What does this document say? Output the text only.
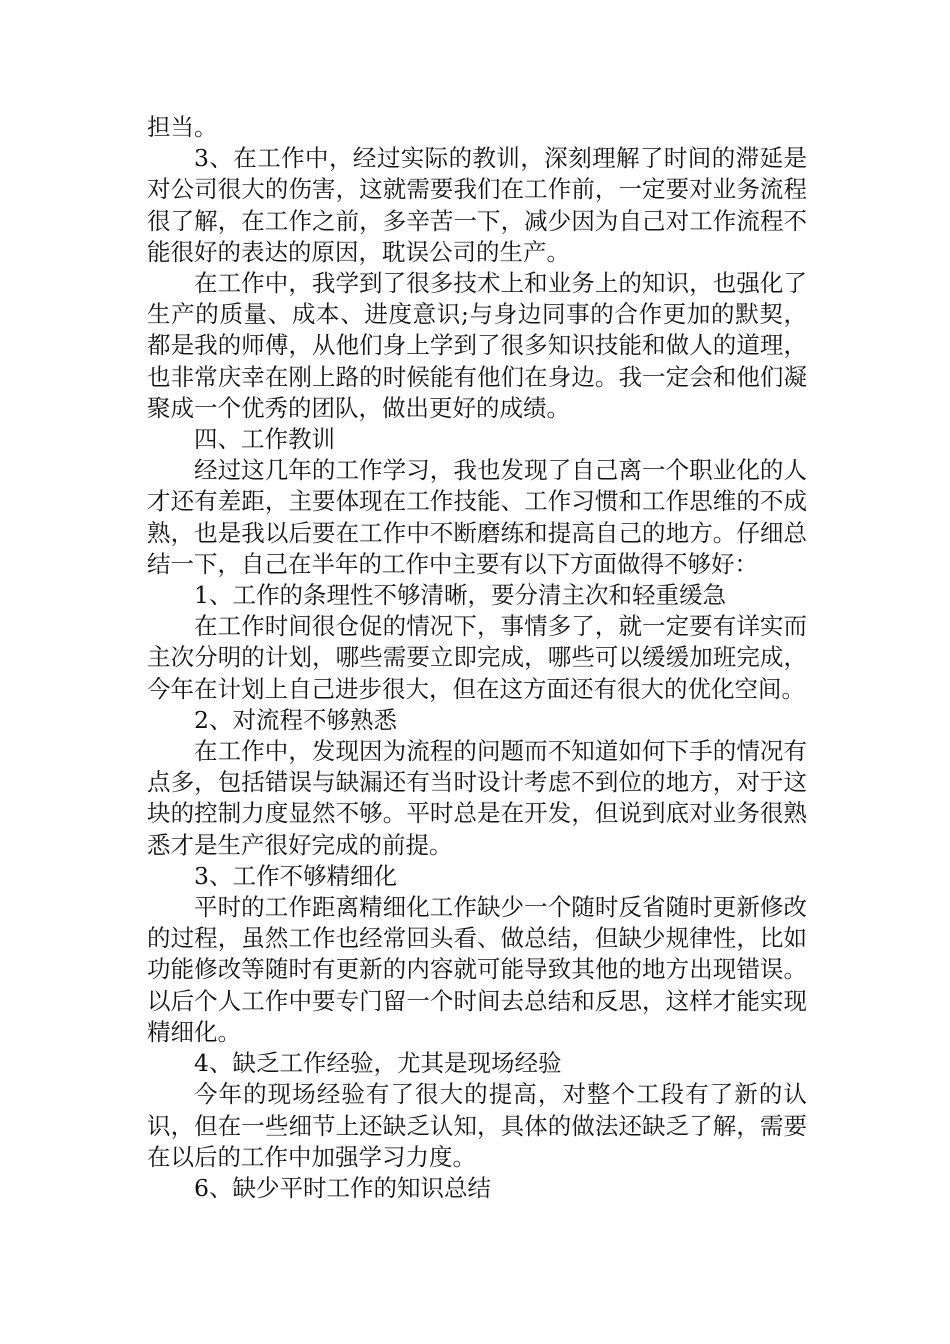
担当。

3、在工作中，经过实际的教训，深刻理解了时间的滞延是对公司很大的伤害，这就需要我们在工作前，一定要对业务流程很了解，在工作之前，多辛苦一下，减少因为自己对工作流程不能很好的表达的原因，耽误公司的生产。

在工作中，我学到了很多技术上和业务上的知识，也强化了生产的质量、成本、进度意识;与身边同事的合作更加的默契，都是我的师傅，从他们身上学到了很多知识技能和做人的道理，也非常庆幸在刚上路的时候能有他们在身边。我一定会和他们凝聚成一个优秀的团队，做出更好的成绩。

四、工作教训

经过这几年的工作学习，我也发现了自己离一个职业化的人才还有差距，主要体现在工作技能、工作习惯和工作思维的不成熟，也是我以后要在工作中不断磨练和提高自己的地方。仔细总结一下，自己在半年的工作中主要有以下方面做得不够好：

1、工作的条理性不够清晰，要分清主次和轻重缓急

在工作时间很仓促的情况下，事情多了，就一定要有详实而主次分明的计划，哪些需要立即完成，哪些可以缓缓加班完成，今年在计划上自己进步很大，但在这方面还有很大的优化空间。

2、对流程不够熟悉

在工作中，发现因为流程的问题而不知道如何下手的情况有点多，包括错误与缺漏还有当时设计考虑不到位的地方，对于这块的控制力度显然不够。平时总是在开发，但说到底对业务很熟悉才是生产很好完成的前提。

3、工作不够精细化

平时的工作距离精细化工作缺少一个随时反省随时更新修改的过程，虽然工作也经常回头看、做总结，但缺少规律性，比如功能修改等随时有更新的内容就可能导致其他的地方出现错误。以后个人工作中要专门留一个时间去总结和反思，这样才能实现精细化。

4、缺乏工作经验，尤其是现场经验

今年的现场经验有了很大的提高，对整个工段有了新的认识，但在一些细节上还缺乏认知，具体的做法还缺乏了解，需要在以后的工作中加强学习力度。

6、缺少平时工作的知识总结
